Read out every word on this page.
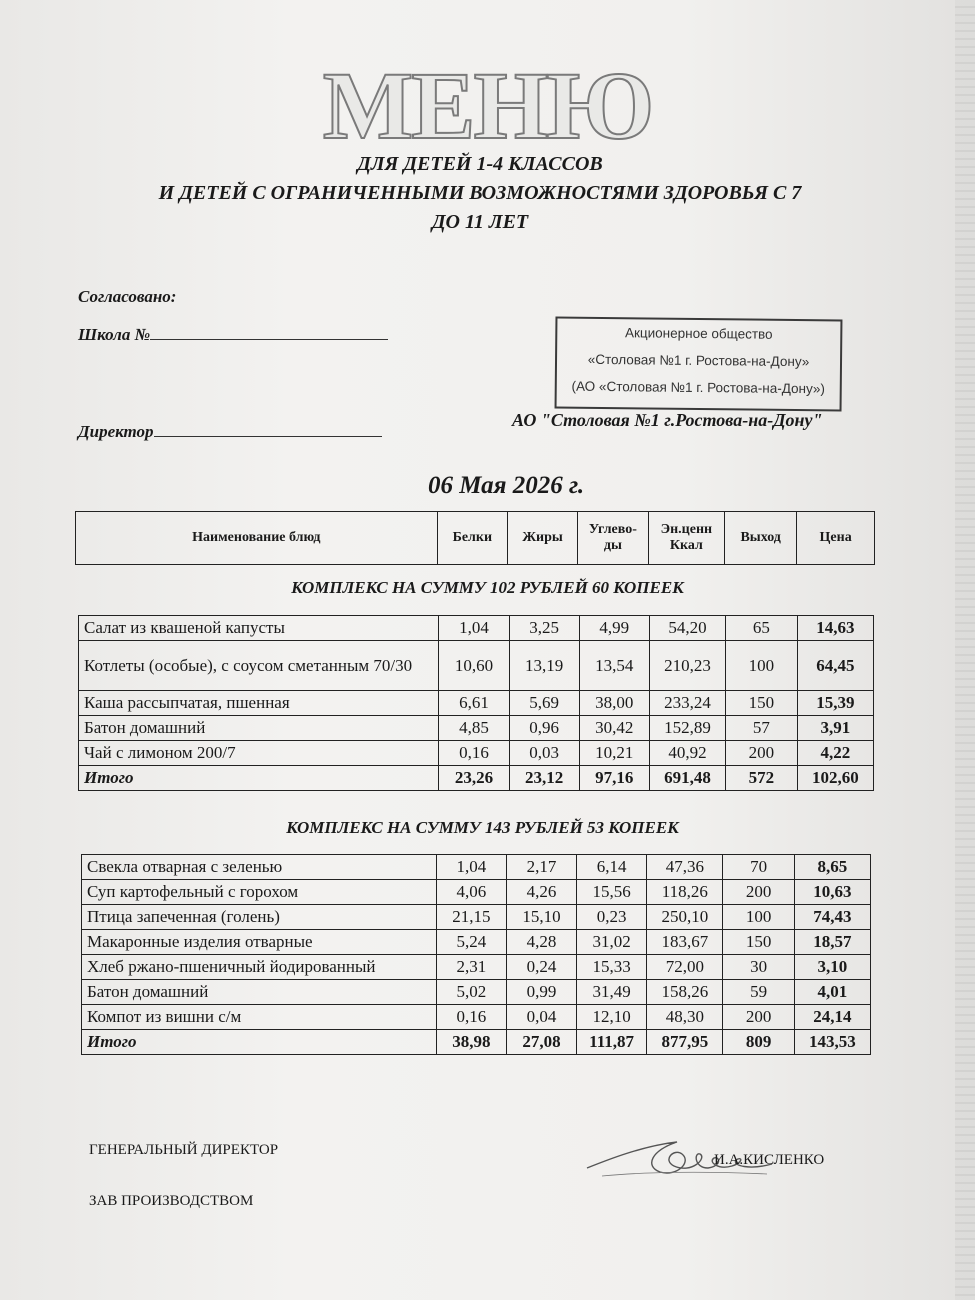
МЕНЮ
ДЛЯ ДЕТЕЙ 1-4 КЛАССОВ
И ДЕТЕЙ С ОГРАНИЧЕННЫМИ ВОЗМОЖНОСТЯМИ ЗДОРОВЬЯ С 7
ДО 11 ЛЕТ
Согласовано:
Школа №
Директор
Акционерное общество
«Столовая №1 г. Ростова-на-Дону»
(АО «Столовая №1 г. Ростова-на-Дону»)
АО "Столовая №1 г.Ростова-на-Дону"
06 Мая 2026 г.
Наименование блюд	Белки	Жиры	Углево-ды	Эн.ценн Ккал	Выход	Цена
КОМПЛЕКС НА СУММУ 102 РУБЛЕЙ 60 КОПЕЕК
Салат из квашеной капусты	1,04	3,25	4,99	54,20	65	14,63
Котлеты (особые), с соусом сметанным 70/30	10,60	13,19	13,54	210,23	100	64,45
Каша рассыпчатая, пшенная	6,61	5,69	38,00	233,24	150	15,39
Батон домашний	4,85	0,96	30,42	152,89	57	3,91
Чай с лимоном 200/7	0,16	0,03	10,21	40,92	200	4,22
Итого	23,26	23,12	97,16	691,48	572	102,60
КОМПЛЕКС НА СУММУ 143 РУБЛЕЙ 53 КОПЕЕК
Свекла отварная с зеленью	1,04	2,17	6,14	47,36	70	8,65
Суп картофельный с горохом	4,06	4,26	15,56	118,26	200	10,63
Птица запеченная (голень)	21,15	15,10	0,23	250,10	100	74,43
Макаронные изделия отварные	5,24	4,28	31,02	183,67	150	18,57
Хлеб ржано-пшеничный йодированный	2,31	0,24	15,33	72,00	30	3,10
Батон домашний	5,02	0,99	31,49	158,26	59	4,01
Компот из вишни с/м	0,16	0,04	12,10	48,30	200	24,14
Итого	38,98	27,08	111,87	877,95	809	143,53
ГЕНЕРАЛЬНЫЙ ДИРЕКТОР
И.А.КИСЛЕНКО
ЗАВ ПРОИЗВОДСТВОМ
